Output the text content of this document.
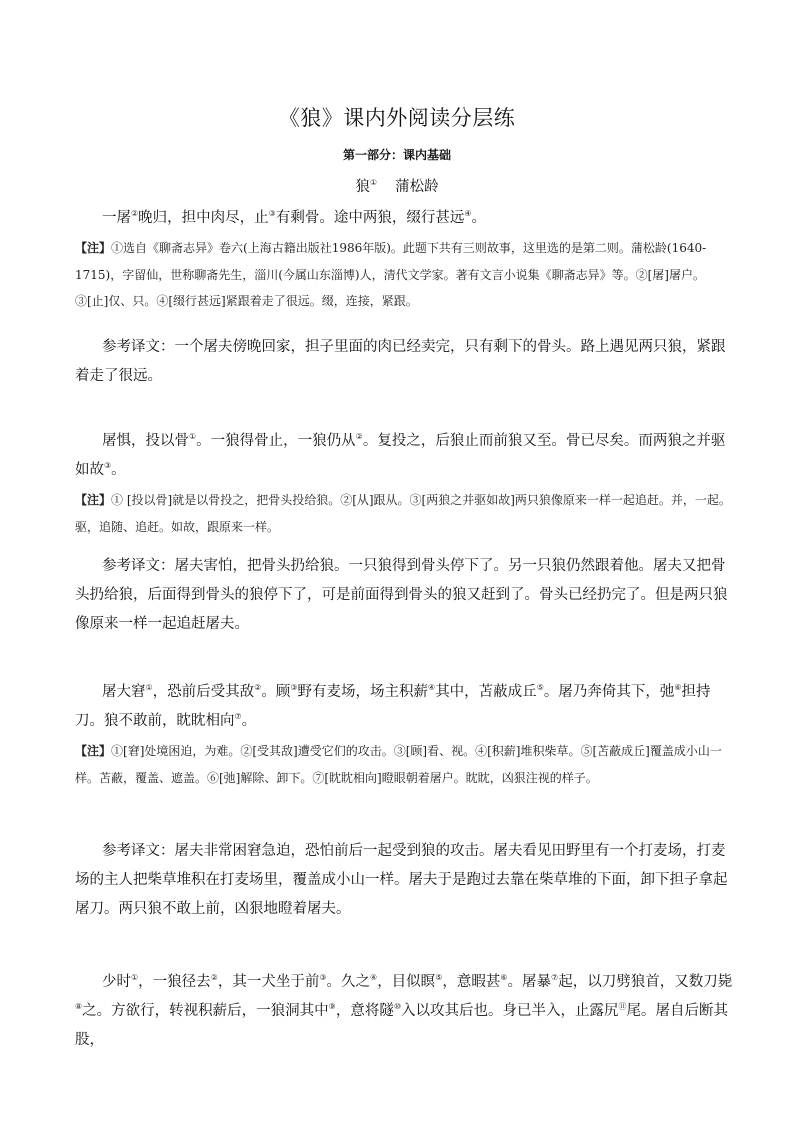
《狼》课内外阅读分层练
第一部分：课内基础
狼① 蒲松龄
一屠②晚归，担中肉尽，止③有剩骨。途中两狼，缀行甚远④。
【注】①选自《聊斋志异》卷六(上海古籍出版社1986年版)。此题下共有三则故事，这里选的是第二则。蒲松龄(1640-1715)，字留仙，世称聊斋先生，淄川(今属山东淄博)人，清代文学家。著有文言小说集《聊斋志异》等。②[屠]屠户。③[止]仅、只。④[缀行甚远]紧跟着走了很远。缀，连接，紧跟。
参考译文：一个屠夫傍晚回家，担子里面的肉已经卖完，只有剩下的骨头。路上遇见两只狼，紧跟着走了很远。
屠惧，投以骨①。一狼得骨止，一狼仍从②。复投之，后狼止而前狼又至。骨已尽矣。而两狼之并驱如故③。
【注】① [投以骨]就是以骨投之，把骨头投给狼。②[从]跟从。③[两狼之并驱如故]两只狼像原来一样一起追赶。并，一起。驱，追随、追赶。如故，跟原来一样。
参考译文：屠夫害怕，把骨头扔给狼。一只狼得到骨头停下了。另一只狼仍然跟着他。屠夫又把骨头扔给狼，后面得到骨头的狼停下了，可是前面得到骨头的狼又赶到了。骨头已经扔完了。但是两只狼像原来一样一起追赶屠夫。
屠大窘①，恐前后受其敌②。顾③野有麦场，场主积薪④其中，苫蔽成丘⑤。屠乃奔倚其下，弛⑥担持刀。狼不敢前，眈眈相向⑦。
【注】①[窘]处境困迫，为难。②[受其敌]遭受它们的攻击。③[顾]看、视。④[积薪]堆积柴草。⑤[苫蔽成丘]覆盖成小山一样。苫蔽，覆盖、遮盖。⑥[弛]解除、卸下。⑦[眈眈相向]瞪眼朝着屠户。眈眈，凶狠注视的样子。
参考译文：屠夫非常困窘急迫，恐怕前后一起受到狼的攻击。屠夫看见田野里有一个打麦场，打麦场的主人把柴草堆积在打麦场里，覆盖成小山一样。屠夫于是跑过去靠在柴草堆的下面，卸下担子拿起屠刀。两只狼不敢上前，凶狠地瞪着屠夫。
少时①，一狼径去②，其一犬坐于前③。久之④，目似瞑⑤，意暇甚⑥。屠暴⑦起，以刀劈狼首，又数刀毙⑧之。方欲行，转视积薪后，一狼洞其中⑨，意将隧⑩入以攻其后也。身已半入，止露尻⑪尾。屠自后断其股，
